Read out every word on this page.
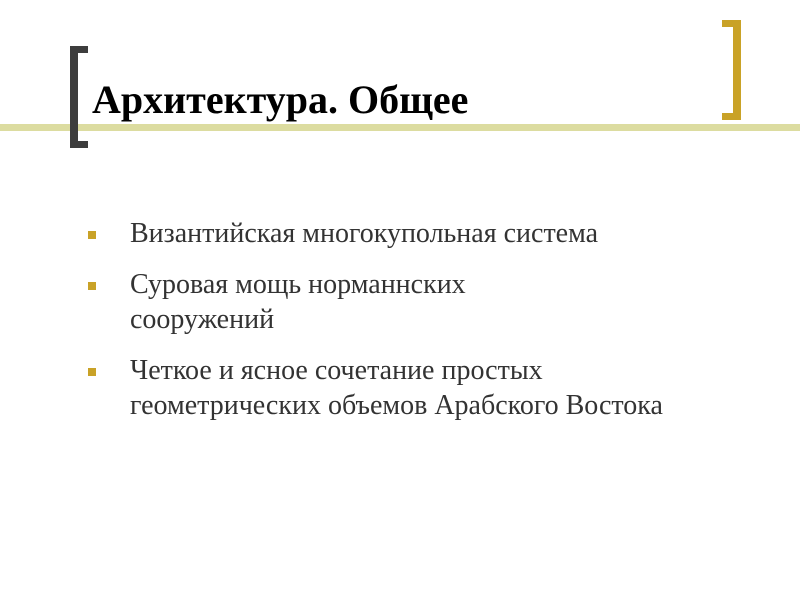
Архитектура. Общее
Византийская многокупольная система
Суровая мощь норманнских сооружений
Четкое и ясное сочетание простых геометрических объемов Арабского Востока
